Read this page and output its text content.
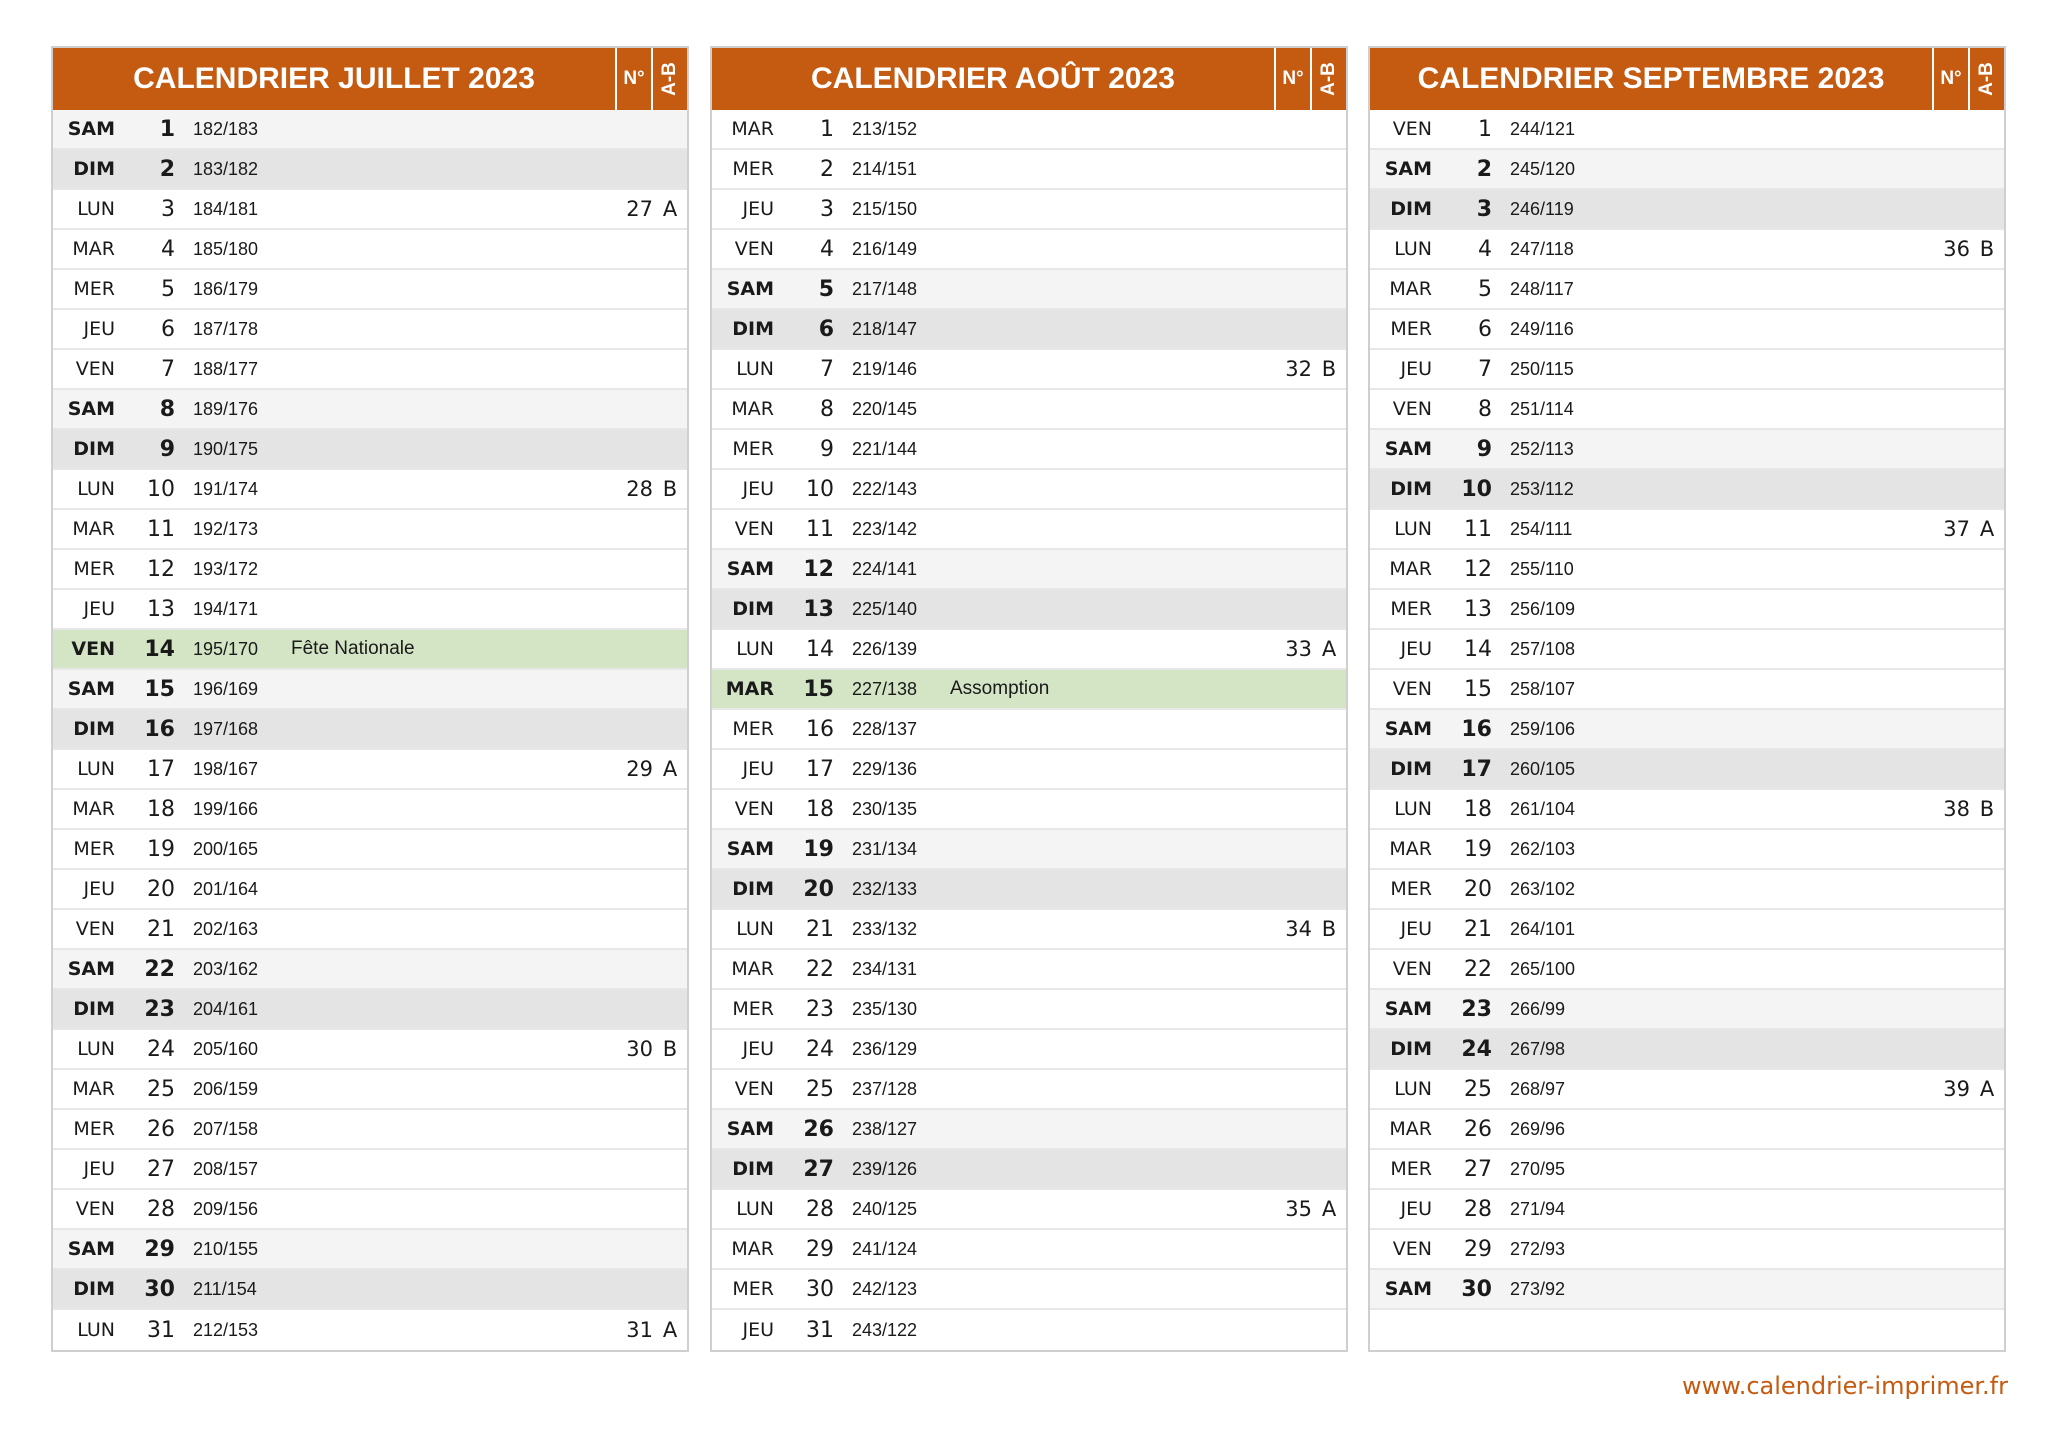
CALENDRIER JUILLET 2023	N° A-B
SAM	1	182/183
DIM	2	183/182
LUN	3	184/181	27 A
MAR	4	185/180
MER	5	186/179
JEU	6	187/178
VEN	7	188/177
SAM	8	189/176
DIM	9	190/175
LUN	10	191/174	28 B
MAR	11	192/173
MER	12	193/172
JEU	13	194/171
VEN	14	195/170	Fête Nationale
SAM	15	196/169
DIM	16	197/168
LUN	17	198/167	29 A
MAR	18	199/166
MER	19	200/165
JEU	20	201/164
VEN	21	202/163
SAM	22	203/162
DIM	23	204/161
LUN	24	205/160	30 B
MAR	25	206/159
MER	26	207/158
JEU	27	208/157
VEN	28	209/156
SAM	29	210/155
DIM	30	211/154
LUN	31	212/153	31 A
CALENDRIER AOÛT 2023	N° A-B
MAR	1	213/152
MER	2	214/151
JEU	3	215/150
VEN	4	216/149
SAM	5	217/148
DIM	6	218/147
LUN	7	219/146	32 B
MAR	8	220/145
MER	9	221/144
JEU	10	222/143
VEN	11	223/142
SAM	12	224/141
DIM	13	225/140
LUN	14	226/139	33 A
MAR	15	227/138	Assomption
MER	16	228/137
JEU	17	229/136
VEN	18	230/135
SAM	19	231/134
DIM	20	232/133
LUN	21	233/132	34 B
MAR	22	234/131
MER	23	235/130
JEU	24	236/129
VEN	25	237/128
SAM	26	238/127
DIM	27	239/126
LUN	28	240/125	35 A
MAR	29	241/124
MER	30	242/123
JEU	31	243/122
CALENDRIER SEPTEMBRE 2023	N° A-B
VEN	1	244/121
SAM	2	245/120
DIM	3	246/119
LUN	4	247/118	36 B
MAR	5	248/117
MER	6	249/116
JEU	7	250/115
VEN	8	251/114
SAM	9	252/113
DIM	10	253/112
LUN	11	254/111	37 A
MAR	12	255/110
MER	13	256/109
JEU	14	257/108
VEN	15	258/107
SAM	16	259/106
DIM	17	260/105
LUN	18	261/104	38 B
MAR	19	262/103
MER	20	263/102
JEU	21	264/101
VEN	22	265/100
SAM	23	266/99
DIM	24	267/98
LUN	25	268/97	39 A
MAR	26	269/96
MER	27	270/95
JEU	28	271/94
VEN	29	272/93
SAM	30	273/92
www.calendrier-imprimer.fr
